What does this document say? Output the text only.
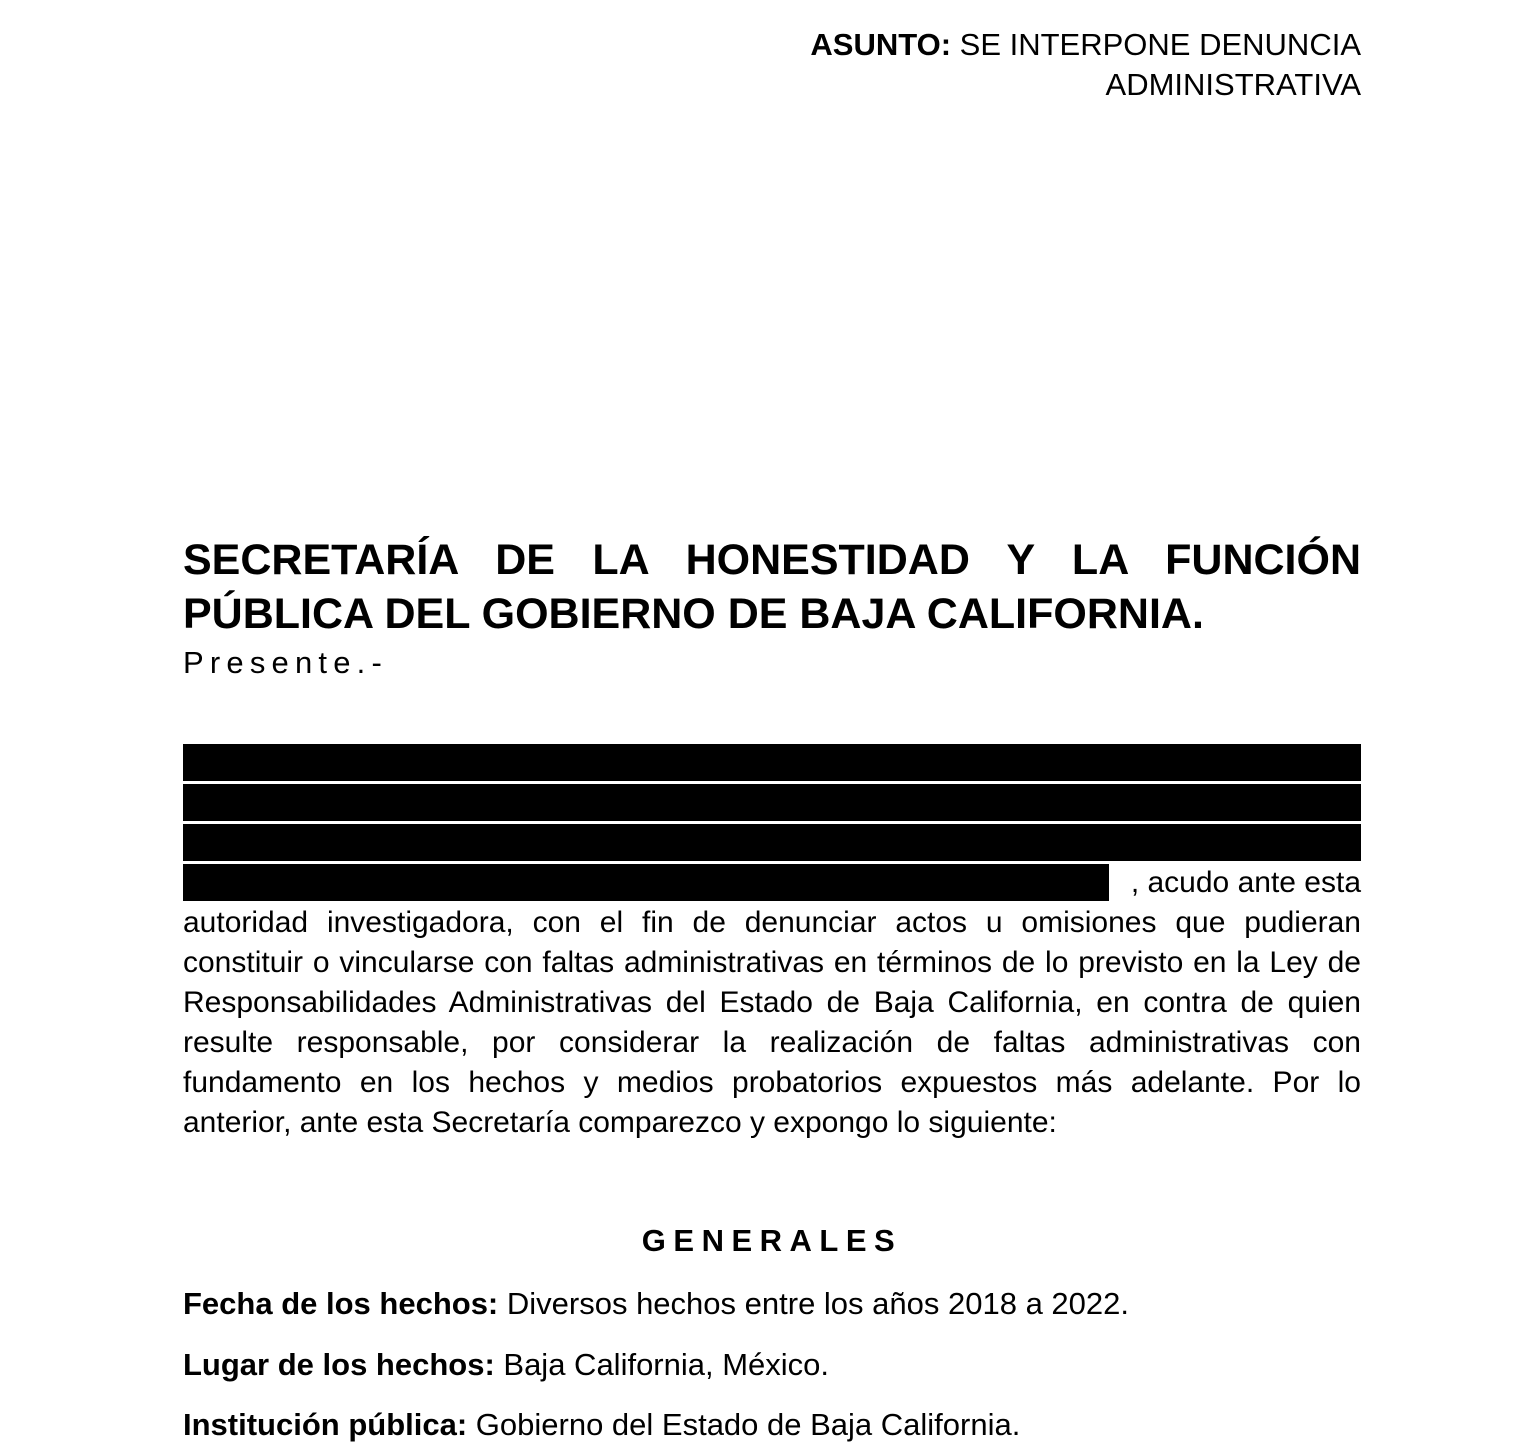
ASUNTO: SE INTERPONE DENUNCIA
ADMINISTRATIVA
SECRETARÍA DE LA HONESTIDAD Y LA FUNCIÓN
PÚBLICA DEL GOBIERNO DE BAJA CALIFORNIA.
Presente.-
, acudo ante esta
autoridad investigadora, con el fin de denunciar actos u omisiones que pudieran constituir o vincularse con faltas administrativas en términos de lo previsto en la Ley de Responsabilidades Administrativas del Estado de Baja California, en contra de quien resulte responsable, por considerar la realización de faltas administrativas con fundamento en los hechos y medios probatorios expuestos más adelante. Por lo anterior, ante esta Secretaría comparezco y expongo lo siguiente:
GENERALES
Fecha de los hechos: Diversos hechos entre los años 2018 a 2022.
Lugar de los hechos: Baja California, México.
Institución pública: Gobierno del Estado de Baja California.
